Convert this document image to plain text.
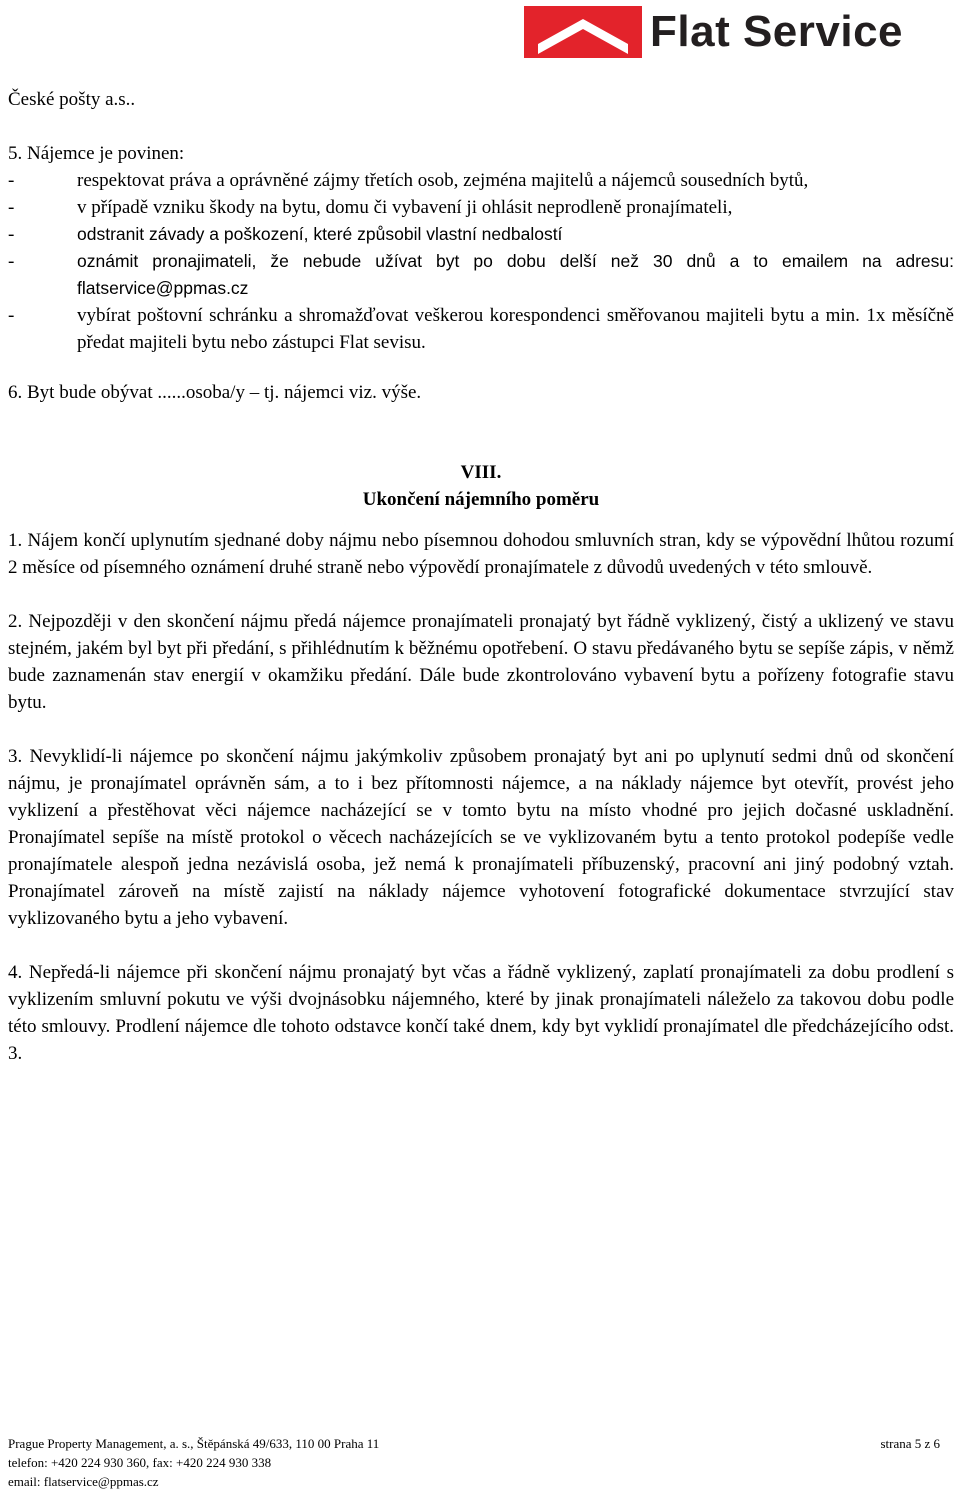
Flat Service

České pošty a.s..

5. Nájemce je povinen:

-	respektovat práva a oprávněné zájmy třetích osob, zejména majitelů a nájemců sousedních bytů,
-	v případě vzniku škody na bytu, domu či vybavení ji ohlásit neprodleně pronajímateli,
-	odstranit závady a poškození, které způsobil vlastní nedbalostí
-	oznámit pronajimateli, že nebude užívat byt po dobu delší než 30 dnů a to emailem na adresu: flatservice@ppmas.cz
-	vybírat poštovní schránku a shromažďovat veškerou korespondenci směřovanou majiteli bytu a min. 1x měsíčně předat majiteli bytu nebo zástupci Flat sevisu.

6. Byt bude obývat ......osoba/y – tj. nájemci viz. výše.

VIII.
Ukončení nájemního poměru

1. Nájem končí uplynutím sjednané doby nájmu nebo písemnou dohodou smluvních stran, kdy se výpovědní lhůtou rozumí 2 měsíce od písemného oznámení druhé straně nebo výpovědí pronajímatele z důvodů uvedených v této smlouvě.

2. Nejpozději v den skončení nájmu předá nájemce pronajímateli pronajatý byt řádně vyklizený, čistý a uklizený ve stavu stejném, jakém byl byt při předání, s přihlédnutím k běžnému opotřebení. O stavu předávaného bytu se sepíše zápis, v němž bude zaznamenán stav energií v okamžiku předání. Dále bude zkontrolováno vybavení bytu a pořízeny fotografie stavu bytu.

3. Nevyklidí-li nájemce po skončení nájmu jakýmkoliv způsobem pronajatý byt ani po uplynutí sedmi dnů od skončení nájmu, je pronajímatel oprávněn sám, a to i bez přítomnosti nájemce, a na náklady nájemce byt otevřít, provést jeho vyklizení a přestěhovat věci nájemce nacházející se v tomto bytu na místo vhodné pro jejich dočasné uskladnění. Pronajímatel sepíše na místě protokol o věcech nacházejících se ve vyklizovaném bytu a tento protokol podepíše vedle pronajímatele alespoň jedna nezávislá osoba, jež nemá k pronajímateli příbuzenský, pracovní ani jiný podobný vztah. Pronajímatel zároveň na místě zajistí na náklady nájemce vyhotovení fotografické dokumentace stvrzující stav vyklizovaného bytu a jeho vybavení.

4. Nepředá-li nájemce při skončení nájmu pronajatý byt včas a řádně vyklizený, zaplatí pronajímateli za dobu prodlení s vyklizením smluvní pokutu ve výši dvojnásobku nájemného, které by jinak pronajímateli náleželo za takovou dobu podle této smlouvy. Prodlení nájemce dle tohoto odstavce končí také dnem, kdy byt vyklidí pronajímatel dle předcházejícího odst. 3.

Prague Property Management, a. s., Štěpánská 49/633, 110 00 Praha 11	strana 5 z 6
telefon: +420 224 930 360, fax: +420 224 930 338
email: flatservice@ppmas.cz
